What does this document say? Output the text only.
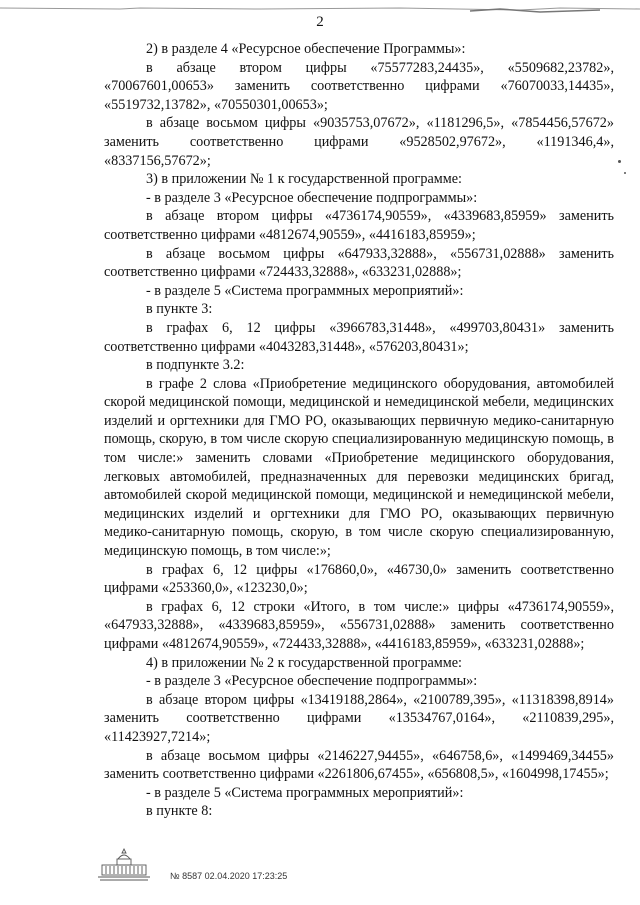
2

2) в разделе 4 «Ресурсное обеспечение Программы»:

в абзаце втором цифры «75577283,24435», «5509682,23782», «70067601,00653» заменить соответственно цифрами «76070033,14435», «5519732,13782», «70550301,00653»;

в абзаце восьмом цифры «9035753,07672», «1181296,5», «7854456,57672» заменить соответственно цифрами «9528502,97672», «1191346,4», «8337156,57672»;

3) в приложении № 1 к государственной программе:

- в разделе 3 «Ресурсное обеспечение подпрограммы»:

в абзаце втором цифры «4736174,90559», «4339683,85959» заменить соответственно цифрами «4812674,90559», «4416183,85959»;

в абзаце восьмом цифры «647933,32888», «556731,02888» заменить соответственно цифрами «724433,32888», «633231,02888»;

- в разделе 5 «Система программных мероприятий»:

в пункте 3:

в графах 6, 12 цифры «3966783,31448», «499703,80431» заменить соответственно цифрами «4043283,31448», «576203,80431»;

в подпункте 3.2:

в графе 2 слова «Приобретение медицинского оборудования, автомобилей скорой медицинской помощи, медицинской и немедицинской мебели, медицинских изделий и оргтехники для ГМО РО, оказывающих первичную медико-санитарную помощь, скорую, в том числе скорую специализированную медицинскую помощь, в том числе:» заменить словами «Приобретение медицинского оборудования, легковых автомобилей, предназначенных для перевозки медицинских бригад, автомобилей скорой медицинской помощи, медицинской и немедицинской мебели, медицинских изделий и оргтехники для ГМО РО, оказывающих первичную медико-санитарную помощь, скорую, в том числе скорую специализированную, медицинскую помощь, в том числе:»;

в графах 6, 12 цифры «176860,0», «46730,0» заменить соответственно цифрами «253360,0», «123230,0»;

в графах 6, 12 строки «Итого, в том числе:» цифры «4736174,90559», «647933,32888», «4339683,85959», «556731,02888» заменить соответственно цифрами «4812674,90559», «724433,32888», «4416183,85959», «633231,02888»;

4) в приложении № 2 к государственной программе:

- в разделе 3 «Ресурсное обеспечение подпрограммы»:

в абзаце втором цифры «13419188,2864», «2100789,395», «11318398,8914» заменить соответственно цифрами «13534767,0164», «2110839,295», «11423927,7214»;

в абзаце восьмом цифры «2146227,94455», «646758,6», «1499469,34455» заменить соответственно цифрами «2261806,67455», «656808,5», «1604998,17455»;

- в разделе 5 «Система программных мероприятий»:

в пункте 8:

№ 8587 02.04.2020 17:23:25
